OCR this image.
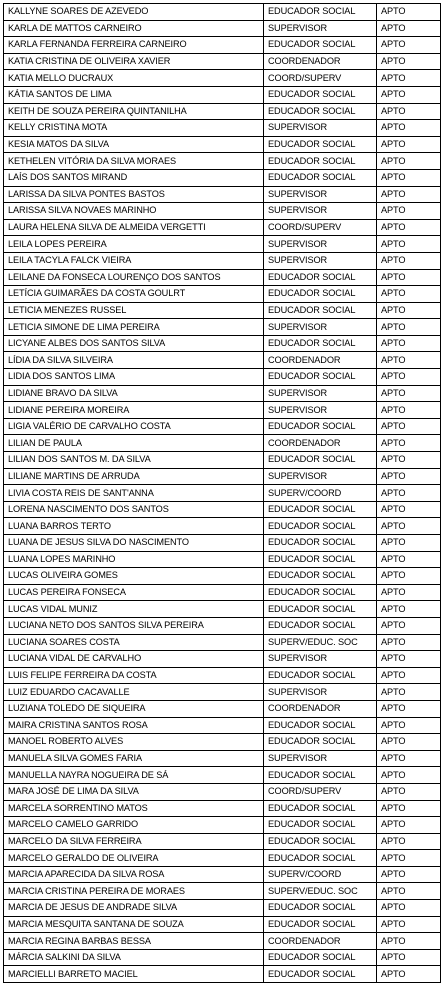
KALLYNE SOARES DE AZEVEDO	EDUCADOR SOCIAL	APTO
KARLA DE MATTOS CARNEIRO	SUPERVISOR	APTO
KARLA FERNANDA FERREIRA CARNEIRO	EDUCADOR SOCIAL	APTO
KATIA CRISTINA DE OLIVEIRA XAVIER	COORDENADOR	APTO
KATIA MELLO DUCRAUX	COORD/SUPERV	APTO
KÁTIA SANTOS DE LIMA	EDUCADOR SOCIAL	APTO
KEITH DE SOUZA PEREIRA QUINTANILHA	EDUCADOR SOCIAL	APTO
KELLY CRISTINA MOTA	SUPERVISOR	APTO
KESIA MATOS DA SILVA	EDUCADOR SOCIAL	APTO
KETHELEN VITÓRIA DA SILVA MORAES	EDUCADOR SOCIAL	APTO
LAÍS DOS SANTOS MIRAND	EDUCADOR SOCIAL	APTO
LARISSA DA SILVA PONTES BASTOS	SUPERVISOR	APTO
LARISSA SILVA NOVAES MARINHO	SUPERVISOR	APTO
LAURA HELENA SILVA DE ALMEIDA VERGETTI	COORD/SUPERV	APTO
LEILA LOPES PEREIRA	SUPERVISOR	APTO
LEILA TACYLA FALCK VIEIRA	SUPERVISOR	APTO
LEILANE DA FONSECA LOURENÇO DOS SANTOS	EDUCADOR SOCIAL	APTO
LETÍCIA GUIMARÃES DA COSTA GOULRT	EDUCADOR SOCIAL	APTO
LETICIA MENEZES RUSSEL	EDUCADOR SOCIAL	APTO
LETICIA SIMONE DE LIMA PEREIRA	SUPERVISOR	APTO
LICYANE ALBES DOS SANTOS SILVA	EDUCADOR SOCIAL	APTO
LÍDIA DA SILVA SILVEIRA	COORDENADOR	APTO
LIDIA DOS SANTOS LIMA	EDUCADOR SOCIAL	APTO
LIDIANE BRAVO DA SILVA	SUPERVISOR	APTO
LIDIANE PEREIRA MOREIRA	SUPERVISOR	APTO
LIGIA VALÉRIO DE CARVALHO COSTA	EDUCADOR SOCIAL	APTO
LILIAN DE PAULA	COORDENADOR	APTO
LILIAN DOS SANTOS M. DA SILVA	EDUCADOR SOCIAL	APTO
LILIANE MARTINS DE ARRUDA	SUPERVISOR	APTO
LIVIA COSTA REIS DE SANT'ANNA	SUPERV/COORD	APTO
LORENA NASCIMENTO DOS SANTOS	EDUCADOR SOCIAL	APTO
LUANA BARROS TERTO	EDUCADOR SOCIAL	APTO
LUANA DE JESUS SILVA DO NASCIMENTO	EDUCADOR SOCIAL	APTO
LUANA LOPES MARINHO	EDUCADOR SOCIAL	APTO
LUCAS OLIVEIRA GOMES	EDUCADOR SOCIAL	APTO
LUCAS PEREIRA FONSECA	EDUCADOR SOCIAL	APTO
LUCAS VIDAL MUNIZ	EDUCADOR SOCIAL	APTO
LUCIANA NETO DOS SANTOS SILVA PEREIRA	EDUCADOR SOCIAL	APTO
LUCIANA SOARES COSTA	SUPERV/EDUC. SOC	APTO
LUCIANA VIDAL DE CARVALHO	SUPERVISOR	APTO
LUIS FELIPE FERREIRA DA COSTA	EDUCADOR SOCIAL	APTO
LUIZ EDUARDO CACAVALLE	SUPERVISOR	APTO
LUZIANA TOLEDO DE SIQUEIRA	COORDENADOR	APTO
MAIRA CRISTINA SANTOS ROSA	EDUCADOR SOCIAL	APTO
MANOEL ROBERTO ALVES	EDUCADOR SOCIAL	APTO
MANUELA SILVA GOMES FARIA	SUPERVISOR	APTO
MANUELLA NAYRA NOGUEIRA DE SÁ	EDUCADOR SOCIAL	APTO
MARA JOSÉ DE LIMA DA SILVA	COORD/SUPERV	APTO
MARCELA SORRENTINO MATOS	EDUCADOR SOCIAL	APTO
MARCELO CAMELO GARRIDO	EDUCADOR SOCIAL	APTO
MARCELO DA SILVA FERREIRA	EDUCADOR SOCIAL	APTO
MARCELO GERALDO DE OLIVEIRA	EDUCADOR SOCIAL	APTO
MARCIA APARECIDA DA SILVA ROSA	SUPERV/COORD	APTO
MARCIA CRISTINA PEREIRA DE MORAES	SUPERV/EDUC. SOC	APTO
MARCIA DE JESUS DE ANDRADE SILVA	EDUCADOR SOCIAL	APTO
MARCIA MESQUITA SANTANA DE SOUZA	EDUCADOR SOCIAL	APTO
MARCIA REGINA BARBAS BESSA	COORDENADOR	APTO
MÁRCIA SALKINI DA SILVA	EDUCADOR SOCIAL	APTO
MARCIELLI BARRETO MACIEL	EDUCADOR SOCIAL	APTO
